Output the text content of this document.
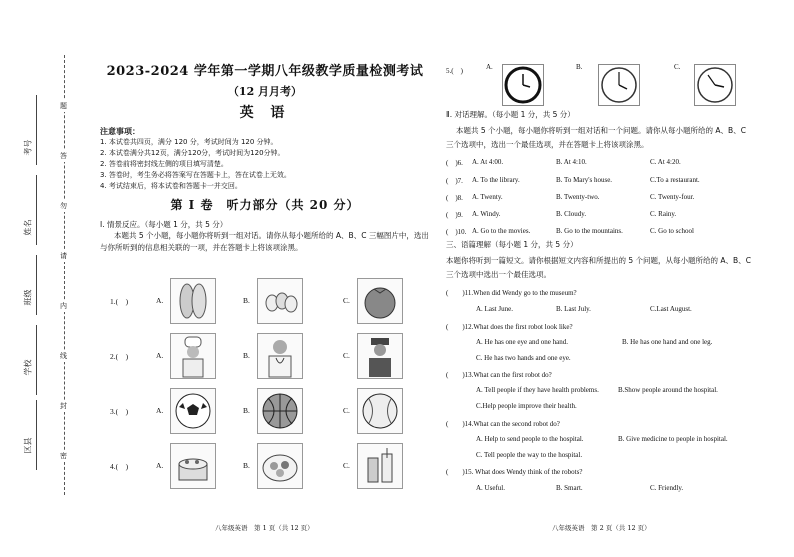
考号
姓名
班级
学校
区县
题
答
勿
请
内
线
封
密
2023-2024 学年第一学期八年级教学质量检测考试
（12 月月考）
英 语
注意事项：
1. 本试卷共四页，满分 120 分，考试时间为 120 分钟。
2. 本试卷满分共12页，满分120分，考试时间为120分钟。
2. 答卷前将密封线左侧的项目填写清楚。
3. 答卷时，考生务必将答案写在答题卡上，答在试卷上无效。
4. 考试结束后，将本试卷和答题卡一并交回。
第 Ⅰ 卷　听力部分（共 20 分）
Ⅰ. 情景反应。（每小题 1 分，共 5 分）
本题共 5 个小题，每小题你将听到一组对话。请你从每小题所给的 A、B、C 三幅图片中，选出与你所听到的信息相关联的一项，并在答题卡上将该项涂黑。
1.(　)	A.	B.	C.
2.(　)	A.	B.	C.
3.(　)	A.	B.	C.
4.(　)	A.	B.	C.
八年级英语　第 1 页（共 12 页）
5.(　)	A.	B.	C.
Ⅱ. 对话理解。（每小题 1 分，共 5 分）
本题共 5 个小题，每小题你将听到一组对话和一个问题。请你从每小题所给的 A、B、C
三个选项中，选出一个最佳选项，并在答题卡上将该项涂黑。
(　)6. A. At 4:00.	B. At 4:10.	C. At 4:20.
(　)7. A. To the library.	B. To Mary's house.	C.To a restaurant.
(　)8. A. Twenty.	B. Twenty-two.	C. Twenty-four.
(　)9. A. Windy.	B. Cloudy.	C. Rainy.
(　)10. A. Go to the movies.	B. Go to the mountains.	C. Go to school
三、语篇理解（每小题 1 分，共 5 分）
本题你将听到一篇短文。请你根据短文内容和所提出的 5 个问题，从每小题所给的 A、B、C
三个选项中选出一个最佳选项。
(　　)11.When did Wendy go to the museum?
A. Last June.	B. Last July.	C.Last August.
(　　)12.What does the first robot look like?
A. He has one eye and one hand.	B. He has one hand and one leg.
C. He has two hands and one eye.
(　　)13.What can the first robot do?
A. Tell people if they have health problems.	B.Show people around the hospital.
C.Help people improve their health.
(　　)14.What can the second robot do?
A. Help to send people to the hospital.	B. Give medicine to people in hospital.
C. Tell people the way to the hospital.
(　　)15. What does Wendy think of the robots?
A. Useful.	B. Smart.	C. Friendly.
八年级英语　第 2 页（共 12 页）
